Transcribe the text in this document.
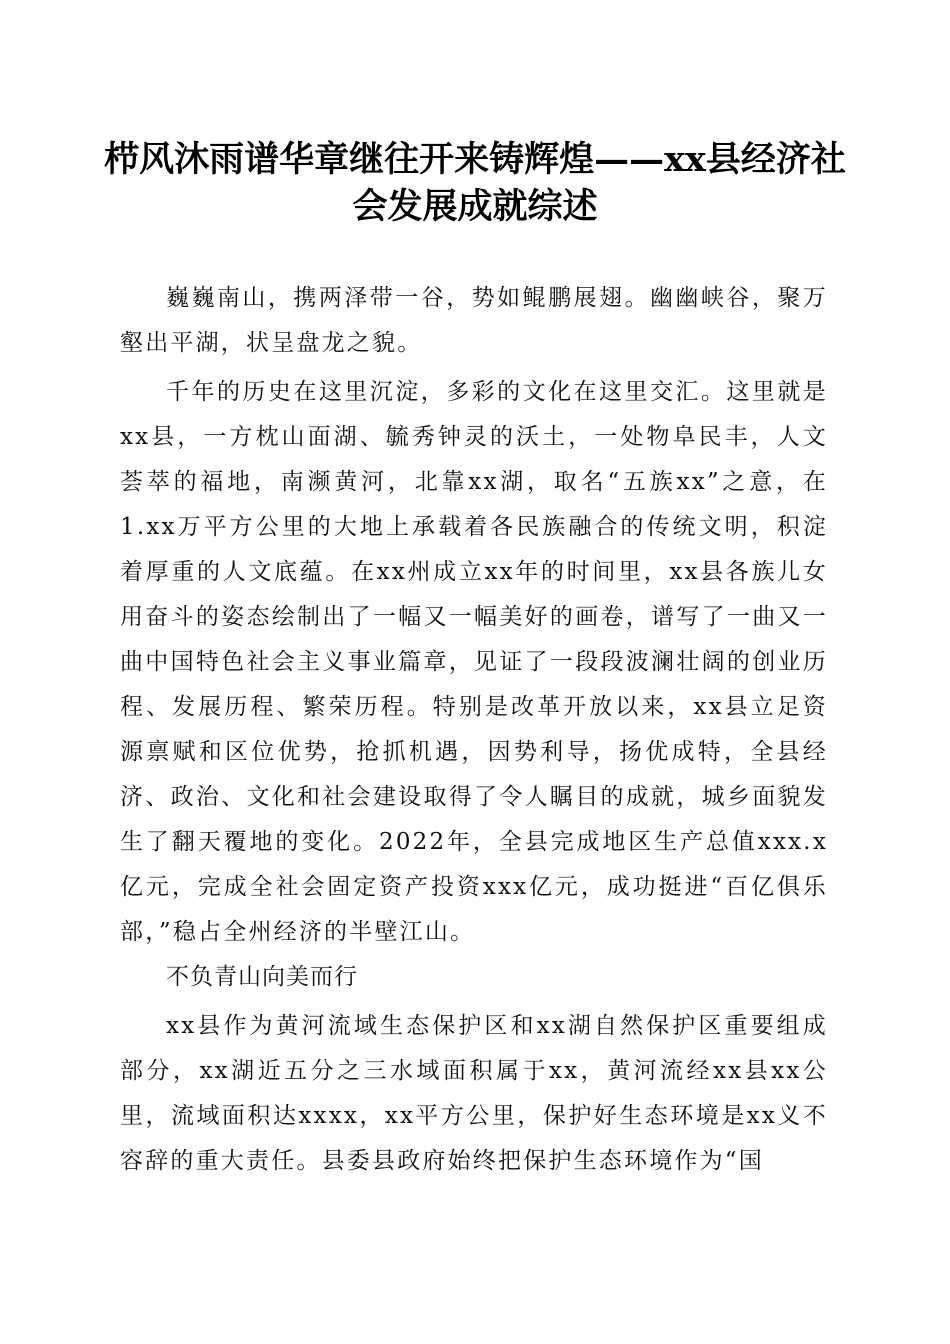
栉风沐雨谱华章继往开来铸辉煌——xx县经济社会发展成就综述

巍巍南山，携两泽带一谷，势如鲲鹏展翅。幽幽峡谷，聚万壑出平湖，状呈盘龙之貌。

千年的历史在这里沉淀，多彩的文化在这里交汇。这里就是xx县，一方枕山面湖、毓秀钟灵的沃土，一处物阜民丰，人文荟萃的福地，南濒黄河，北靠xx湖，取名“五族xx”之意，在1.xx万平方公里的大地上承载着各民族融合的传统文明，积淀着厚重的人文底蕴。在xx州成立xx年的时间里，xx县各族儿女用奋斗的姿态绘制出了一幅又一幅美好的画卷，谱写了一曲又一曲中国特色社会主义事业篇章，见证了一段段波澜壮阔的创业历程、发展历程、繁荣历程。特别是改革开放以来，xx县立足资源禀赋和区位优势，抢抓机遇，因势利导，扬优成特，全县经济、政治、文化和社会建设取得了令人瞩目的成就，城乡面貌发生了翻天覆地的变化。2022年，全县完成地区生产总值xxx.x亿元，完成全社会固定资产投资xxx亿元，成功挺进“百亿俱乐部，”稳占全州经济的半壁江山。

不负青山向美而行

xx县作为黄河流域生态保护区和xx湖自然保护区重要组成部分，xx湖近五分之三水域面积属于xx，黄河流经xx县xx公里，流域面积达xxxx，xx平方公里，保护好生态环境是xx义不容辞的重大责任。县委县政府始终把保护生态环境作为“国
